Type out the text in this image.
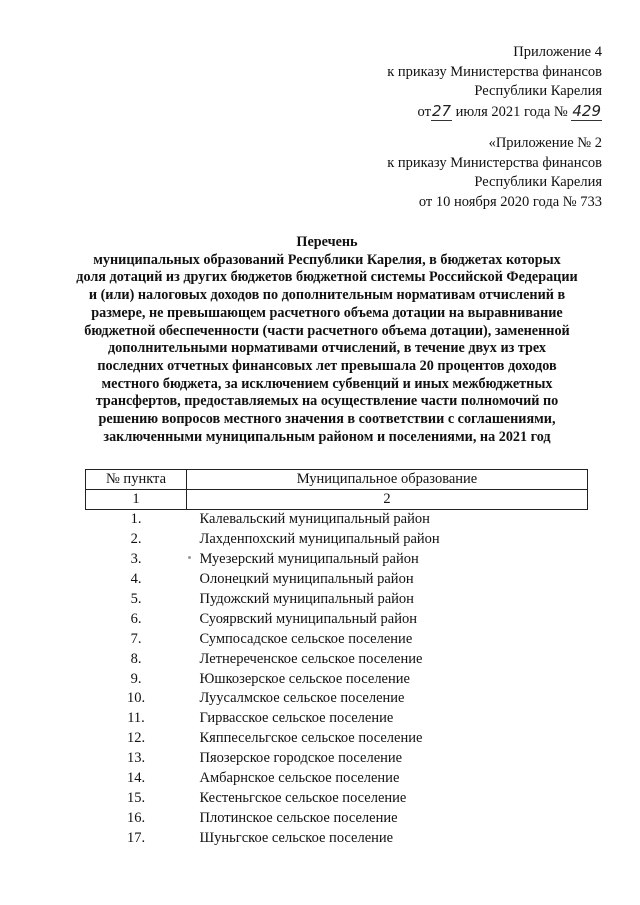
Приложение 4
к приказу Министерства финансов
Республики Карелия
от27 июля 2021 года № 429
«Приложение № 2
к приказу Министерства финансов
Республики Карелия
от 10 ноября 2020 года № 733
Перечень
муниципальных образований Республики Карелия, в бюджетах которых
доля дотаций из других бюджетов бюджетной системы Российской Федерации
и (или) налоговых доходов по дополнительным нормативам отчислений в
размере, не превышающем расчетного объема дотации на выравнивание
бюджетной обеспеченности (части расчетного объема дотации), замененной
дополнительными нормативами отчислений, в течение двух из трех
последних отчетных финансовых лет превышала 20 процентов доходов
местного бюджета, за исключением субвенций и иных межбюджетных
трансфертов, предоставляемых на осуществление части полномочий по
решению вопросов местного значения в соответствии с соглашениями,
заключенными муниципальным районом и поселениями, на 2021 год
№ пункта	Муниципальное образование
1	2
1.	Калевальский муниципальный район
2.	Лахденпохский муниципальный район
3.	Муезерский муниципальный район
4.	Олонецкий муниципальный район
5.	Пудожский муниципальный район
6.	Суоярвский муниципальный район
7.	Сумпосадское сельское поселение
8.	Летнереченское сельское поселение
9.	Юшкозерское сельское поселение
10.	Луусалмское сельское поселение
11.	Гирвасское сельское поселение
12.	Кяппесельгское сельское поселение
13.	Пяозерское городское поселение
14.	Амбарнское сельское поселение
15.	Кестеньгское сельское поселение
16.	Плотинское сельское поселение
17.	Шуньгское сельское поселение
